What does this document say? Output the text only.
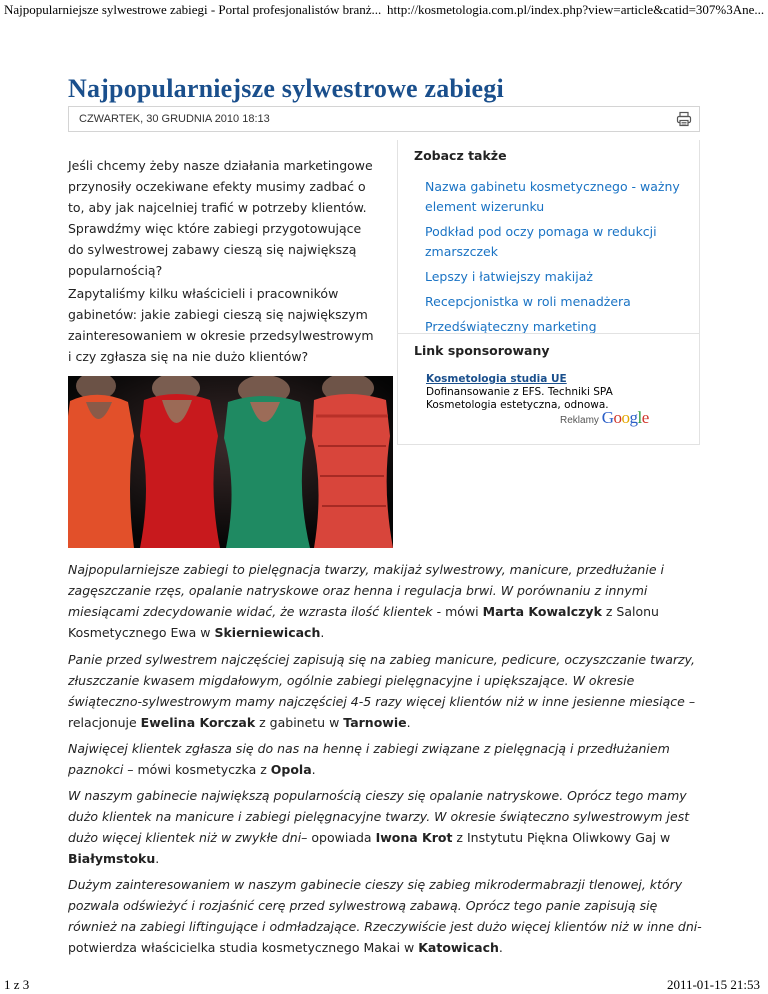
Najpopularniejsze sylwestrowe zabiegi - Portal profesjonalistów branż... http://kosmetologia.com.pl/index.php?view=article&catid=307%3Ane...
Najpopularniejsze sylwestrowe zabiegi
CZWARTEK, 30 GRUDNIA 2010 18:13

Jeśli chcemy żeby nasze działania marketingowe przynosiły oczekiwane efekty musimy zadbać o to, aby jak najcelniej trafić w potrzeby klientów. Sprawdźmy więc które zabiegi przygotowujące do sylwestrowej zabawy cieszą się największą popularnością?

Zapytaliśmy kilku właścicieli i pracowników gabinetów: jakie zabiegi cieszą się największym zainteresowaniem w okresie przedsylwestrowym i czy zgłasza się na nie dużo klientów?

Zobacz także
Nazwa gabinetu kosmetycznego - ważny element wizerunku
Podkład pod oczy pomaga w redukcji zmarszczek
Lepszy i łatwiejszy makijaż
Recepcjonistka w roli menadżera
Przedświąteczny marketing
Link sponsorowany
Kosmetologia studia UE
Dofinansowanie z EFS. Techniki SPA
Kosmetologia estetyczna, odnowa.
Reklamy Google

Najpopularniejsze zabiegi to pielęgnacja twarzy, makijaż sylwestrowy, manicure, przedłużanie i zagęszczanie rzęs, opalanie natryskowe oraz henna i regulacja brwi. W porównaniu z innymi miesiącami zdecydowanie widać, że wzrasta ilość klientek - mówi Marta Kowalczyk z Salonu Kosmetycznego Ewa w Skierniewicach.

Panie przed sylwestrem najczęściej zapisują się na zabieg manicure, pedicure, oczyszczanie twarzy, złuszczanie kwasem migdałowym, ogólnie zabiegi pielęgnacyjne i upiększające. W okresie świąteczno-sylwestrowym mamy najczęściej 4-5 razy więcej klientów niż w inne jesienne miesiące – relacjonuje Ewelina Korczak z gabinetu w Tarnowie.

Najwięcej klientek zgłasza się do nas na hennę i zabiegi związane z pielęgnacją i przedłużaniem paznokci – mówi kosmetyczka z Opola.

W naszym gabinecie największą popularnością cieszy się opalanie natryskowe. Oprócz tego mamy dużo klientek na manicure i zabiegi pielęgnacyjne twarzy. W okresie świąteczno sylwestrowym jest dużo więcej klientek niż w zwykłe dni– opowiada Iwona Krot z Instytutu Piękna Oliwkowy Gaj w Białymstoku.

Dużym zainteresowaniem w naszym gabinecie cieszy się zabieg mikrodermabrazji tlenowej, który pozwala odświeżyć i rozjaśnić cerę przed sylwestrową zabawą. Oprócz tego panie zapisują się również na zabiegi liftingujące i odmładzające. Rzeczywiście jest dużo więcej klientów niż w inne dni- potwierdza właścicielka studia kosmetycznego Makai w Katowicach.

1 z 3	2011-01-15 21:53
